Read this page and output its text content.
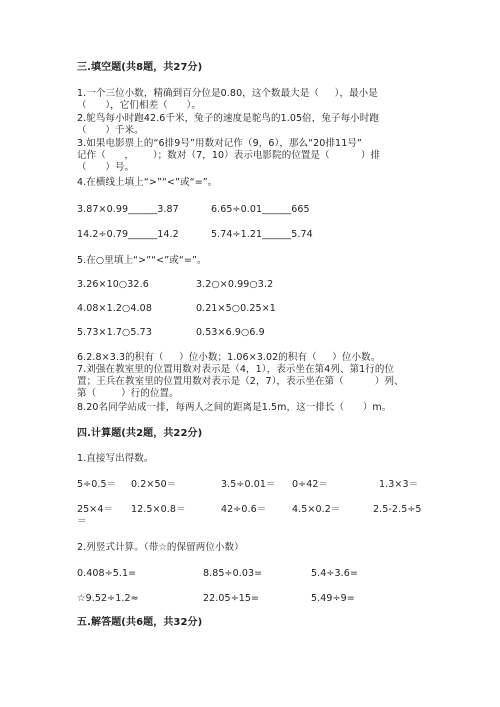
三.填空题(共8题，共27分)
1.一个三位小数，精确到百分位是0.80，这个数最大是（     ），最小是
（      ），它们相差（      ）。
2.鸵鸟每小时跑42.6千米，兔子的速度是鸵鸟的1.05倍，兔子每小时跑
（      ）千米。
3.如果电影票上的“6排9号”用数对记作（9，6），那么“20排11号”
记作（      ，      ）；数对（7，10）表示电影院的位置是（          ）排
（      ）号。
4.在横线上填上“>”“<”或“=”。
3.87×0.99______3.87	6.65÷0.01______665
14.2÷0.79______14.2	5.74÷1.21______5.74
5.在○里填上“>”“<”或“=”。
3.26×10○32.6	3.2○×0.99○3.2
4.08×1.2○4.08	0.21×5○0.25×1
5.73×1.7○5.73	0.53×6.9○6.9
6.2.8×3.3的积有（     ）位小数；1.06×3.02的积有（     ）位小数。
7.刘强在教室里的位置用数对表示是（4，1），表示坐在第4列、第1行的位
置；王兵在教室里的位置用数对表示是（2，7），表示坐在第（          ）列、
第（        ）行的位置。
8.20名同学站成一排，每两人之间的距离是1.5m，这一排长（      ）m。
四.计算题(共2题，共22分)
1.直接写出得数。
5÷0.5＝ 0.2×50＝	3.5÷0.01＝ 0÷42＝	1.3×3＝
25×4＝ 12.5×0.8＝	42÷0.6＝	4.5×0.2＝	2.5-2.5÷5
＝
2.列竖式计算。（带☆的保留两位小数）
0.408÷5.1=	8.85÷0.03=	5.4÷3.6=
☆9.52÷1.2≈	22.05÷15=	5.49÷9=
五.解答题(共6题，共32分)
